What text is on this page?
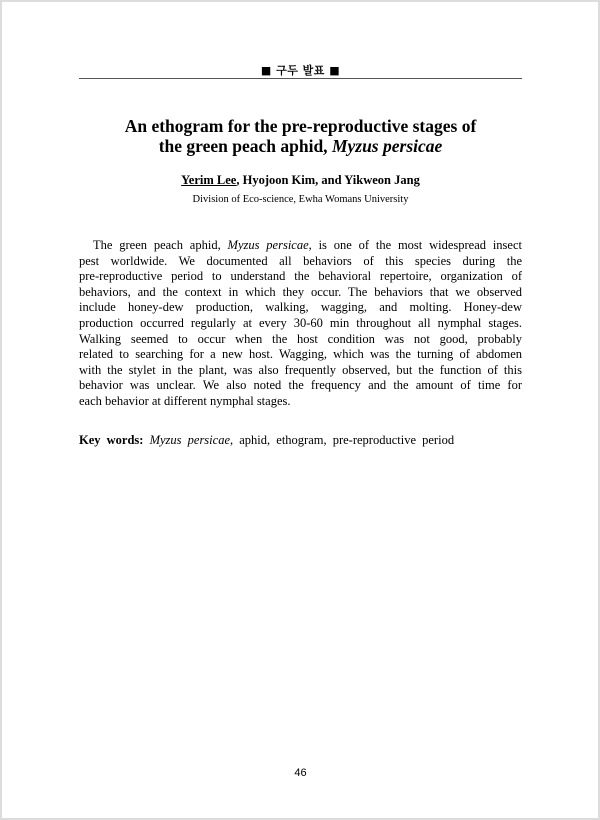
■ 구두 발표 ■
An ethogram for the pre-reproductive stages of
the green peach aphid, Myzus persicae
Yerim Lee, Hyojoon Kim, and Yikweon Jang
Division of Eco-science, Ewha Womans University
The green peach aphid, Myzus persicae, is one of the most widespread insect
pest worldwide. We documented all behaviors of this species during the
pre-reproductive period to understand the behavioral repertoire, organization of
behaviors, and the context in which they occur. The behaviors that we observed
include honey-dew production, walking, wagging, and molting. Honey-dew
production occurred regularly at every 30-60 min throughout all nymphal stages.
Walking seemed to occur when the host condition was not good, probably
related to searching for a new host. Wagging, which was the turning of abdomen
with the stylet in the plant, was also frequently observed, but the function of this
behavior was unclear. We also noted the frequency and the amount of time for
each behavior at different nymphal stages.
Key words: Myzus persicae, aphid, ethogram, pre-reproductive period
46
